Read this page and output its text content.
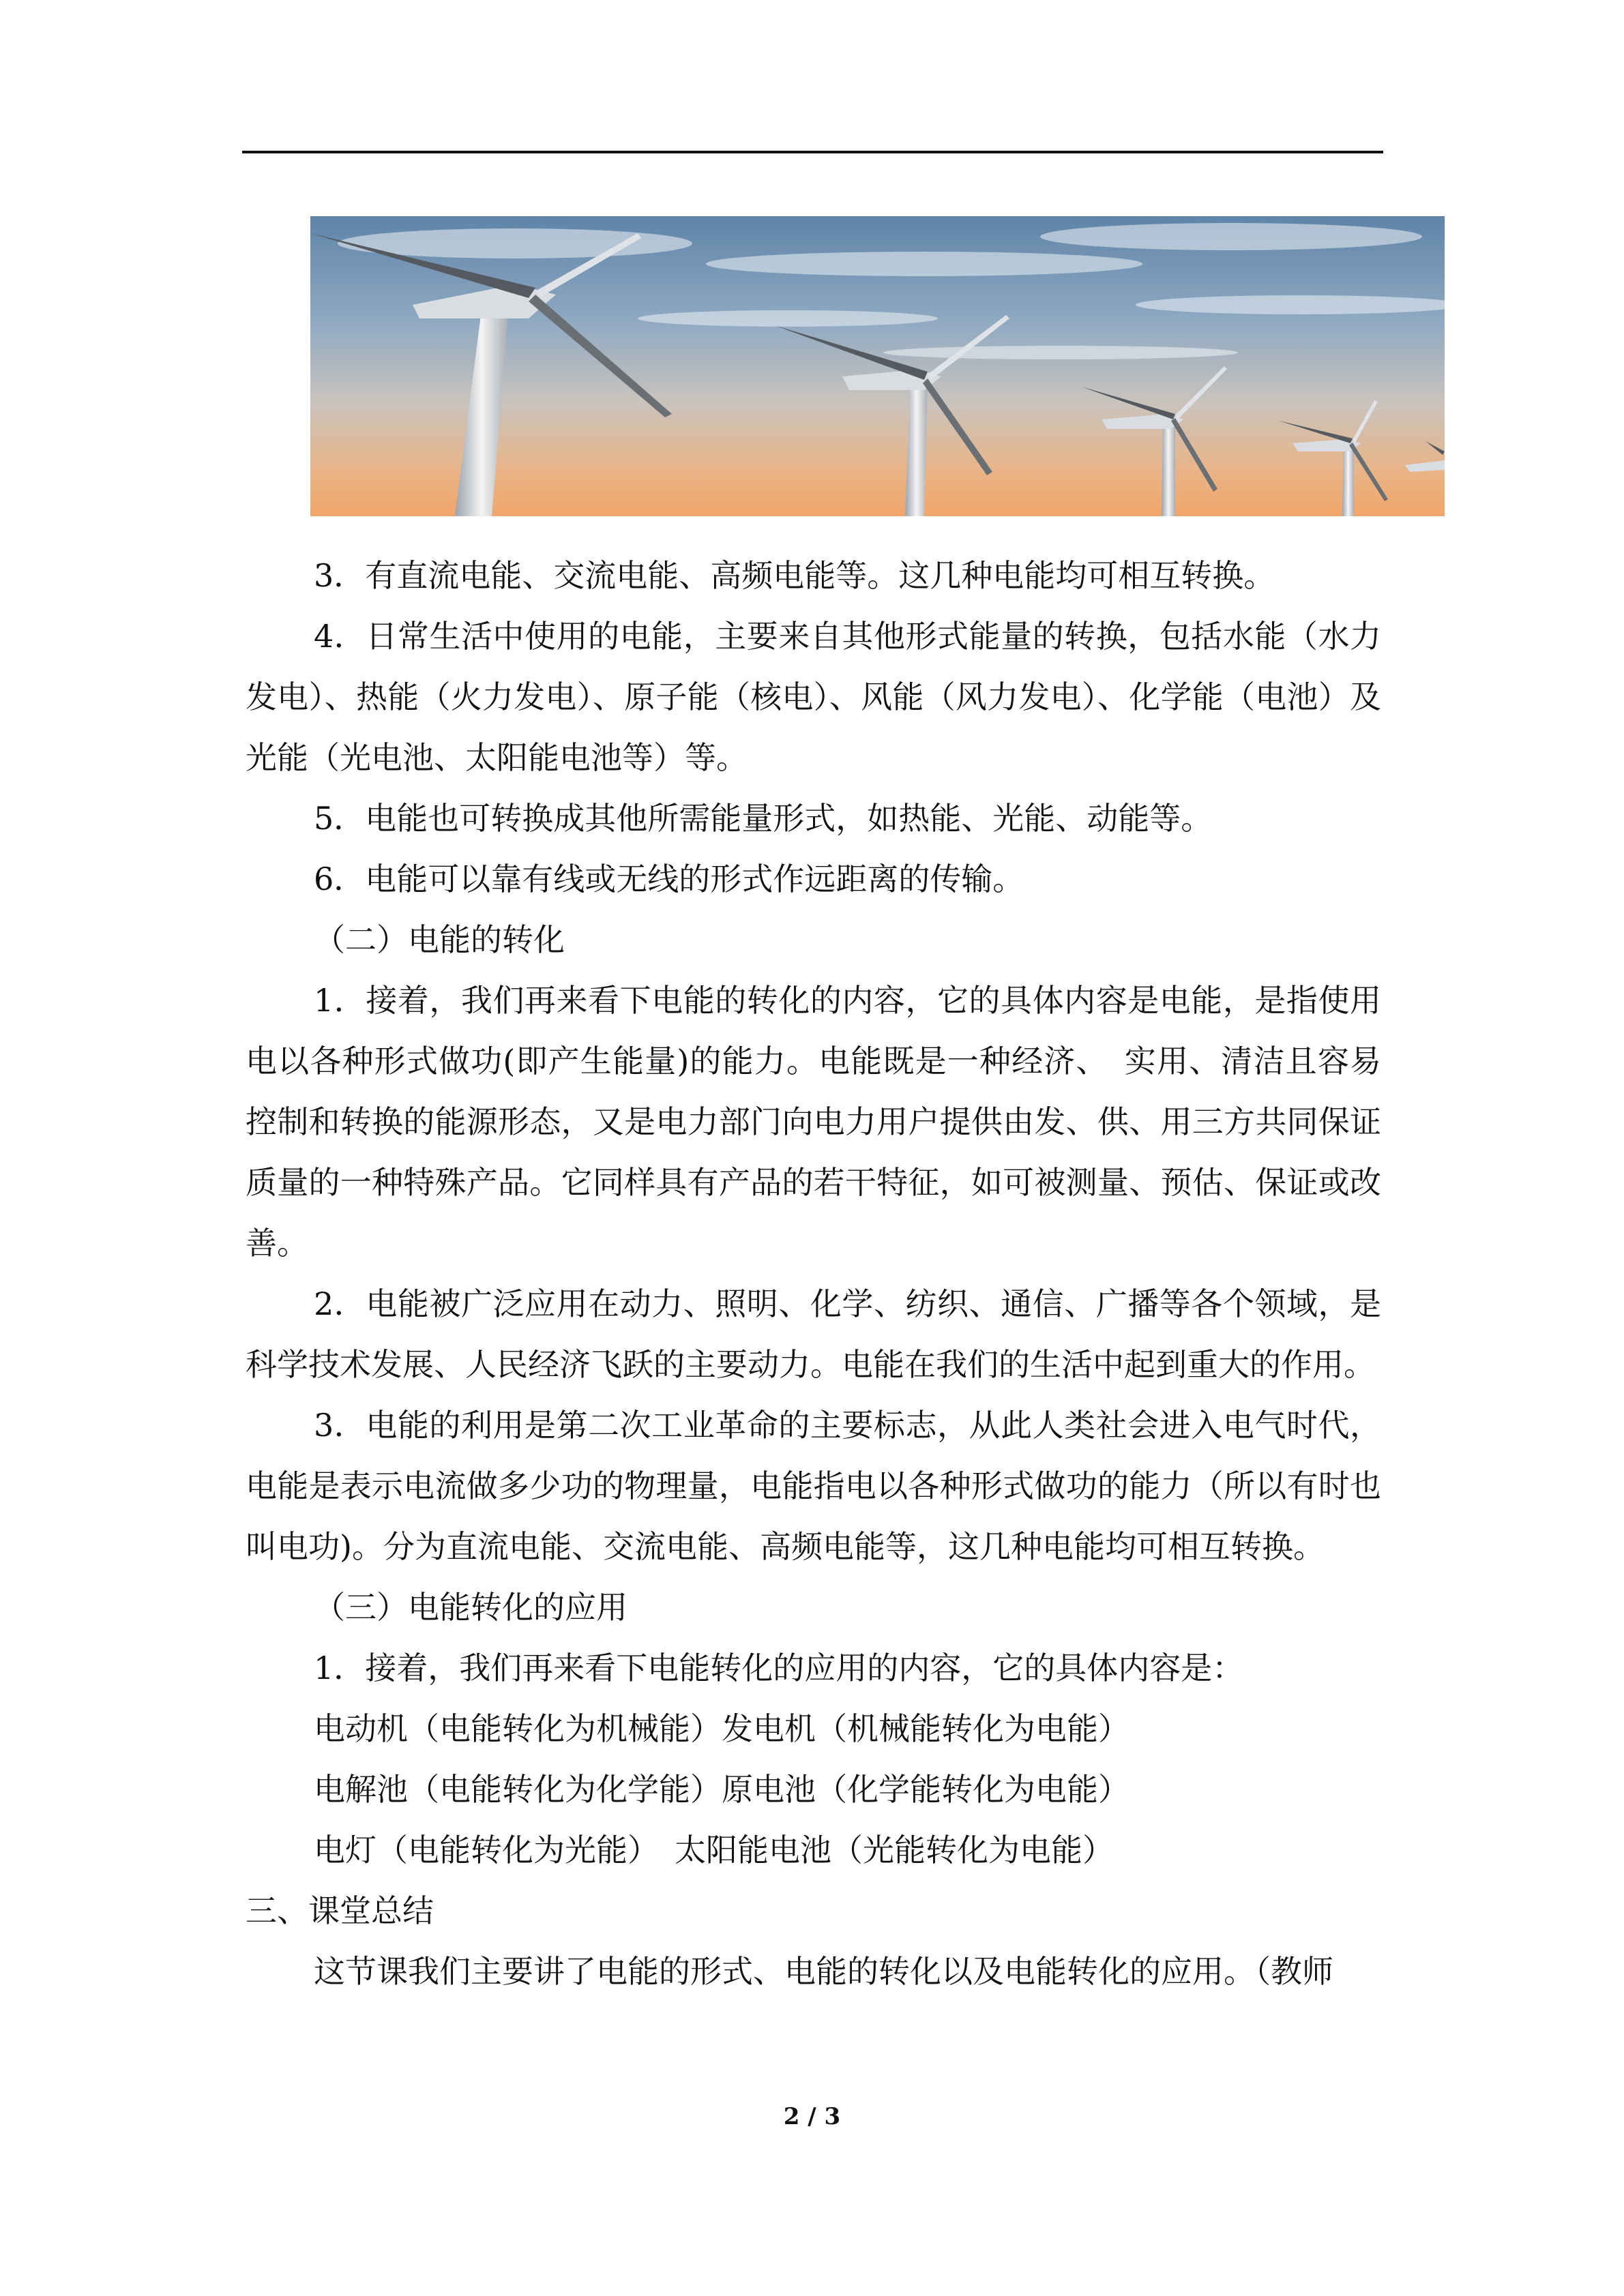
3．有直流电能、交流电能、高频电能等。这几种电能均可相互转换。
4．日常生活中使用的电能，主要来自其他形式能量的转换，包括水能（水力发电）、热能（火力发电）、原子能（核电）、风能（风力发电）、化学能（电池）及光能（光电池、太阳能电池等）等。
5．电能也可转换成其他所需能量形式，如热能、光能、动能等。
6．电能可以靠有线或无线的形式作远距离的传输。
（二）电能的转化
1．接着，我们再来看下电能的转化的内容，它的具体内容是电能，是指使用电以各种形式做功(即产生能量)的能力。电能既是一种经济、　实用、清洁且容易控制和转换的能源形态，又是电力部门向电力用户提供由发、供、用三方共同保证质量的一种特殊产品。它同样具有产品的若干特征，如可被测量、预估、保证或改善。
2．电能被广泛应用在动力、照明、化学、纺织、通信、广播等各个领域，是科学技术发展、人民经济飞跃的主要动力。电能在我们的生活中起到重大的作用。
3．电能的利用是第二次工业革命的主要标志，从此人类社会进入电气时代，电能是表示电流做多少功的物理量，电能指电以各种形式做功的能力（所以有时也叫电功)。分为直流电能、交流电能、高频电能等，这几种电能均可相互转换。
（三）电能转化的应用
1．接着，我们再来看下电能转化的应用的内容，它的具体内容是：
电动机（电能转化为机械能）发电机（机械能转化为电能）
电解池（电能转化为化学能）原电池（化学能转化为电能）
电灯（电能转化为光能）　太阳能电池（光能转化为电能）
三、课堂总结
这节课我们主要讲了电能的形式、电能的转化以及电能转化的应用。（教师
2 / 3
